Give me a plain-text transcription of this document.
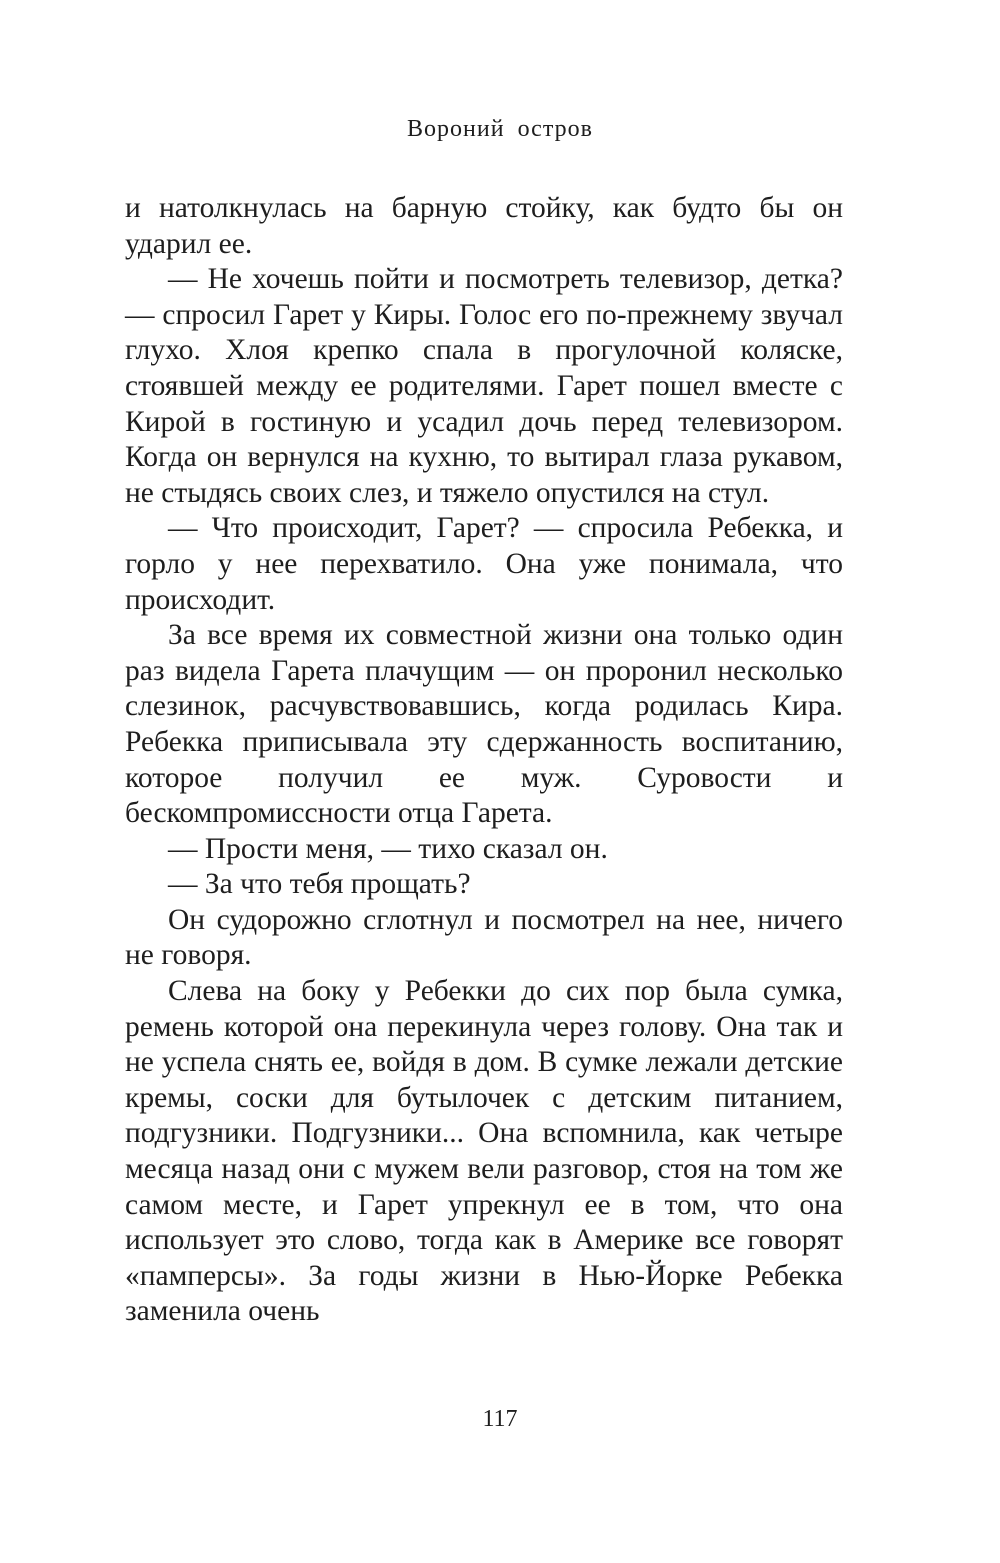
Вороний остров

и натолкнулась на барную стойку, как будто бы он ударил ее.

— Не хочешь пойти и посмотреть телевизор, детка? — спросил Гарет у Киры. Голос его по-прежнему звучал глухо. Хлоя крепко спала в прогулочной коляске, стоявшей между ее родителями. Гарет пошел вместе с Кирой в гостиную и усадил дочь перед телевизором. Когда он вернулся на кухню, то вытирал глаза рукавом, не стыдясь своих слез, и тяжело опустился на стул.

— Что происходит, Гарет? — спросила Ребекка, и горло у нее перехватило. Она уже понимала, что происходит.

За все время их совместной жизни она только один раз видела Гарета плачущим — он проронил несколько слезинок, расчувствовавшись, когда родилась Кира. Ребекка приписывала эту сдержанность воспитанию, которое получил ее муж. Суровости и бескомпромиссности отца Гарета.

— Прости меня, — тихо сказал он.

— За что тебя прощать?

Он судорожно сглотнул и посмотрел на нее, ничего не говоря.

Слева на боку у Ребекки до сих пор была сумка, ремень которой она перекинула через голову. Она так и не успела снять ее, войдя в дом. В сумке лежали детские кремы, соски для бутылочек с детским питанием, подгузники. Подгузники... Она вспомнила, как четыре месяца назад они с мужем вели разговор, стоя на том же самом месте, и Гарет упрекнул ее в том, что она использует это слово, тогда как в Америке все говорят «памперсы». За годы жизни в Нью-Йорке Ребекка заменила очень

117
